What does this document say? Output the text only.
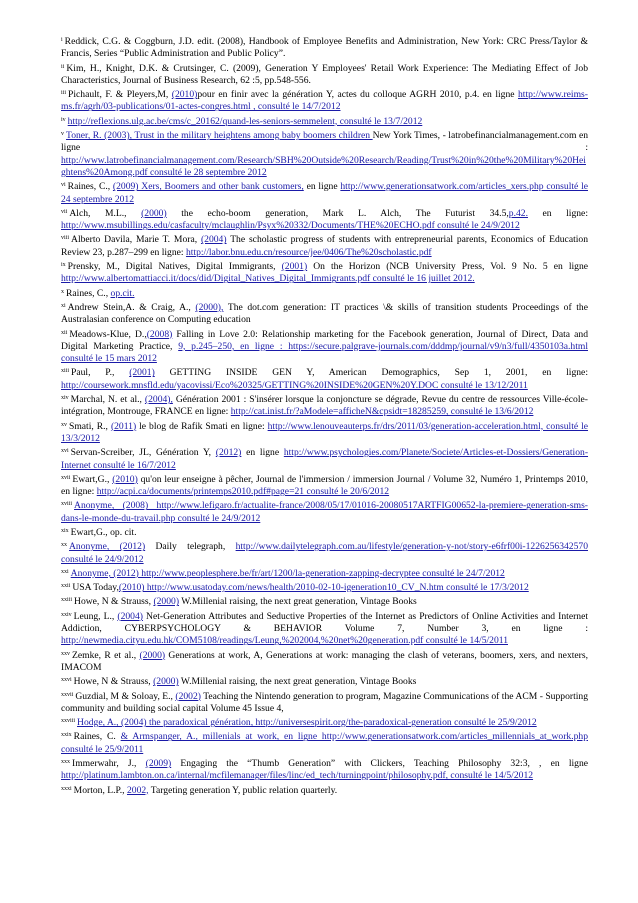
$^i$ Reddick, C.G. & Coggburn, J.D. edit. (2008), Handbook of Employee Benefits and Administration, New York: CRC Press/Taylor & Francis, Series “Public Administration and Public Policy”.

$^{ii}$ Kim, H., Knight, D.K. & Crutsinger, C. (2009), Generation Y Employees' Retail Work Experience: The Mediating Effect of Job Characteristics, Journal of Business Research, 62 :5, pp.548-556.

$^{iii}$ Pichault, F. & Pleyers,M, (2010)pour en finir avec la génération Y, actes du colloque AGRH 2010, p.4. en ligne http://www.reims-ms.fr/agrh/03-publications/01-actes-congres.html , consulté le 14/7/2012

$^{iv}$ http://reflexions.ulg.ac.be/cms/c_20162/quand-les-seniors-semmelent, consulté le 13/7/2012

$^v$ Toner, R. (2003), Trust in the military heightens among baby boomers children New York Times, - latrobefinancialmanagement.com en ligne : http://www.latrobefinancialmanagement.com/Research/SBH%20Outside%20Research/Reading/Trust%20in%20the%20Military%20Heightens%20Among.pdf consulté le 28 septembre 2012

$^{vi}$ Raines, C., (2009) Xers, Boomers and other bank customers, en ligne http://www.generationsatwork.com/articles_xers.php consulté le 24 septembre 2012

$^{vii}$ Alch, M.L., (2000) the echo-boom generation, Mark L. Alch, The Futurist 34.5,p.42. en ligne: http://www.msubillings.edu/casfaculty/mclaughlin/Psyx%20332/Documents/THE%20ECHO.pdf consulté le 24/9/2012

$^{viii}$ Alberto Davila, Marie T. Mora, (2004) The scholastic progress of students with entrepreneurial parents, Economics of Education Review 23, p.287–299 en ligne: http://labor.bnu.edu.cn/resource/jee/0406/The%20scholastic.pdf

$^{ix}$ Prensky, M., Digital Natives, Digital Immigrants, (2001) On the Horizon (NCB University Press, Vol. 9 No. 5 en ligne http://www.albertomattiacci.it/docs/did/Digital_Natives_Digital_Immigrants.pdf consulté le 16 juillet 2012.

$^x$ Raines, C., op.cit.

$^{xi}$ Andrew Stein,A. & Craig, A., (2000), The dot.com generation: IT practices \& skills of transition students Proceedings of the Australasian conference on Computing education

$^{xii}$ Meadows-Klue, D.,(2008) Falling in Love 2.0: Relationship marketing for the Facebook generation, Journal of Direct, Data and Digital Marketing Practice, 9, p.245–250, en ligne : https://secure.palgrave-journals.com/dddmp/journal/v9/n3/full/4350103a.html consulté le 15 mars 2012

$^{xiii}$ Paul, P., (2001) GETTING INSIDE GEN Y, American Demographics, Sep 1, 2001, en ligne: http://coursework.mnsfld.edu/yacovissi/Eco%20325/GETTING%20INSIDE%20GEN%20Y.DOC consulté le 13/12/2011

$^{xiv}$ Marchal, N. et al., (2004), Génération 2001 : S'insérer lorsque la conjoncture se dégrade, Revue du centre de ressources Ville-école-intégration, Montrouge, FRANCE en ligne: http://cat.inist.fr/?aModele=afficheN&cpsidt=18285259, consulté le 13/6/2012

$^{xv}$ Smati, R., (2011) le blog de Rafik Smati en ligne: http://www.lenouveauterps.fr/drs/2011/03/generation-acceleration.html, consulté le 13/3/2012

$^{xvi}$ Servan-Screiber, JL, Génération Y, (2012) en ligne http://www.psychologies.com/Planete/Societe/Articles-et-Dossiers/Generation-Internet consulté le 16/7/2012

$^{xvii}$ Ewart,G., (2010) qu'on leur enseigne à pêcher, Journal de l'immersion / immersion Journal / Volume 32, Numéro 1, Printemps 2010, en ligne: http://acpi.ca/documents/printemps2010.pdf#page=21 consulté le 20/6/2012

$^{xviii}$ Anonyme, (2008) http://www.lefigaro.fr/actualite-france/2008/05/17/01016-20080517ARTFIG00652-la-premiere-generation-sms-dans-le-monde-du-travail.php consulté le 24/9/2012

$^{xix}$ Ewart,G., op. cit.

$^{xx}$ Anonyme, (2012) Daily telegraph, http://www.dailytelegraph.com.au/lifestyle/generation-y-not/story-e6frf00i-1226256342570 consulté le 24/9/2012

$^{xxi}$ Anonyme, (2012) http://www.peoplesphere.be/fr/art/1200/la-generation-zapping-decryptee consulté le 24/7/2012

$^{xxii}$ USA Today,(2010) http://www.usatoday.com/news/health/2010-02-10-igeneration10_CV_N.htm consulté le 17/3/2012

$^{xxiii}$ Howe, N & Strauss, (2000) W.Millenial raising, the next great generation, Vintage Books

$^{xxiv}$ Leung, L., (2004) Net-Generation Attributes and Seductive Properties of the Internet as Predictors of Online Activities and Internet Addiction, CYBERPSYCHOLOGY & BEHAVIOR Volume 7, Number 3, en ligne : http://newmedia.cityu.edu.hk/COM5108/readings/Leung,%202004,%20net%20generation.pdf consulté le 14/5/2011

$^{xxv}$ Zemke, R et al., (2000) Generations at work, A, Generations at work: managing the clash of veterans, boomers, xers, and nexters, IMACOM

$^{xxvi}$ Howe, N & Strauss, (2000) W.Millenial raising, the next great generation, Vintage Books

$^{xxvii}$ Guzdial, M & Soloay, E., (2002) Teaching the Nintendo generation to program, Magazine Communications of the ACM - Supporting community and building social capital Volume 45 Issue 4,

$^{xxviii}$ Hodge, A., (2004) the paradoxical génération, http://universespirit.org/the-paradoxical-generation consulté le 25/9/2012

$^{xxix}$ Raines, C. & Armspanger, A., millenials at work, en ligne http://www.generationsatwork.com/articles_millennials_at_work.php consulté le 25/9/2011

$^{xxx}$ Immerwahr, J., (2009) Engaging the “Thumb Generation” with Clickers, Teaching Philosophy 32:3, , en ligne http://platinum.lambton.on.ca/internal/mcfilemanager/files/linc/ed_tech/turningpoint/philosophy.pdf, consulté le 14/5/2012

$^{xxxi}$ Morton, L.P., 2002, Targeting generation Y, public relation quarterly.
